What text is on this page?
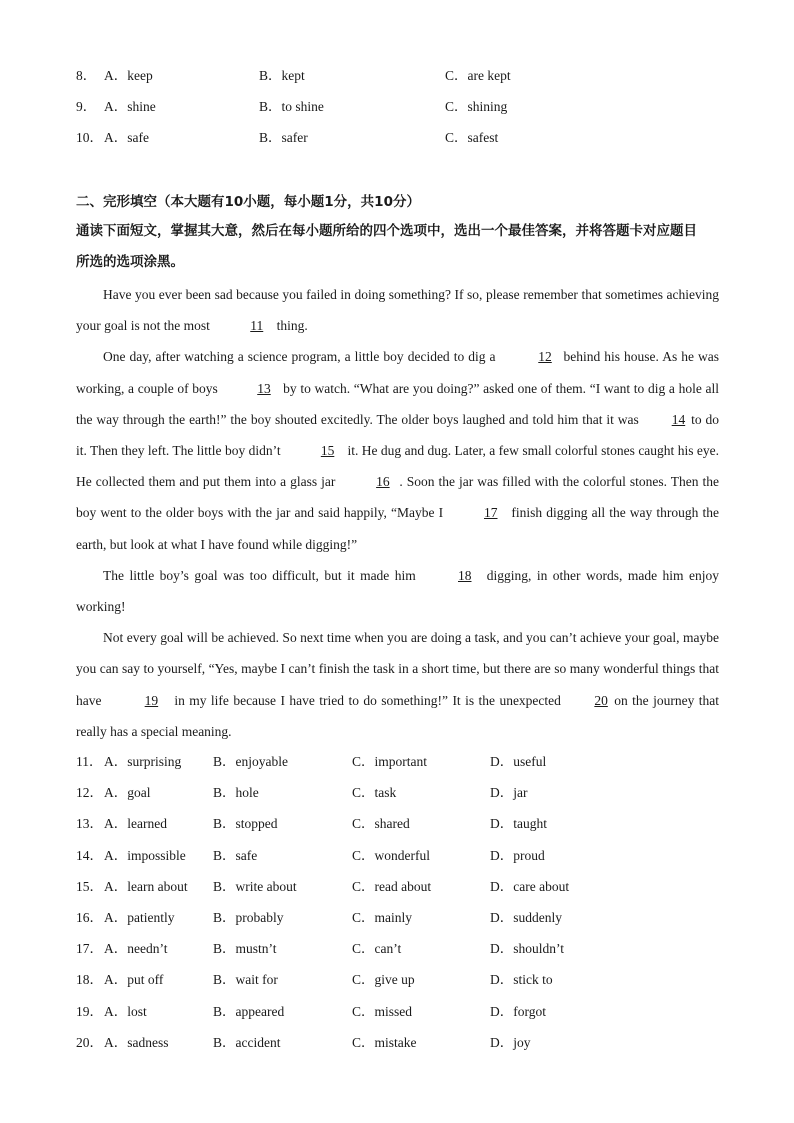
8． A．keep	B．kept	C．are kept
9． A．shine	B．to shine	C．shining
10． A．safe	B．safer	C．safest
二、完形填空（本大题有10小题，每小题1分，共10分）
通读下面短文，掌握其大意，然后在每小题所给的四个选项中，选出一个最佳答案，并将答题卡对应题目
所选的选项涂黑。

Have you ever been sad because you failed in doing something? If so, please remember that sometimes achieving your goal is not the most	11 thing.

One day, after watching a science program, a little boy decided to dig a	12 behind his house. As he was working, a couple of boys	13 by to watch. “What are you doing?” asked one of them. “I want to dig a hole all the way through the earth!” the boy shouted excitedly. The older boys laughed and told him that it was 14 to do it. Then they left. The little boy didn’t	15 it. He dug and dug. Later, a few small colorful stones caught his eye. He collected them and put them into a glass jar	16 . Soon the jar was filled with the colorful stones. Then the boy went to the older boys with the jar and said happily, “Maybe I	17 finish digging all the way through the earth, but look at what I have found while digging!”

The little boy’s goal was too difficult, but it made him	18 digging, in other words, made him enjoy working!

Not every goal will be achieved. So next time when you are doing a task, and you can’t achieve your goal, maybe you can say to yourself, “Yes, maybe I can’t finish the task in a short time, but there are so many wonderful things that have	19 in my life because I have tried to do something!” It is the unexpected 20 on the journey that really has a special meaning.

11． A．surprising B．enjoyable	C．important	D．useful
12． A．goal	B．hole	C．task	D．jar
13． A．learned	B．stopped	C．shared	D．taught
14． A．impossible B．safe	C．wonderful	D．proud
15． A．learn about B．write about	C．read about	D．care about
16． A．patiently	B．probably	C．mainly	D．suddenly
17． A．needn’t	B．mustn’t	C．can’t	D．shouldn’t
18． A．put off	B．wait for	C．give up	D．stick to
19． A．lost	B．appeared	C．missed	D．forgot
20． A．sadness	B．accident	C．mistake	D．joy
